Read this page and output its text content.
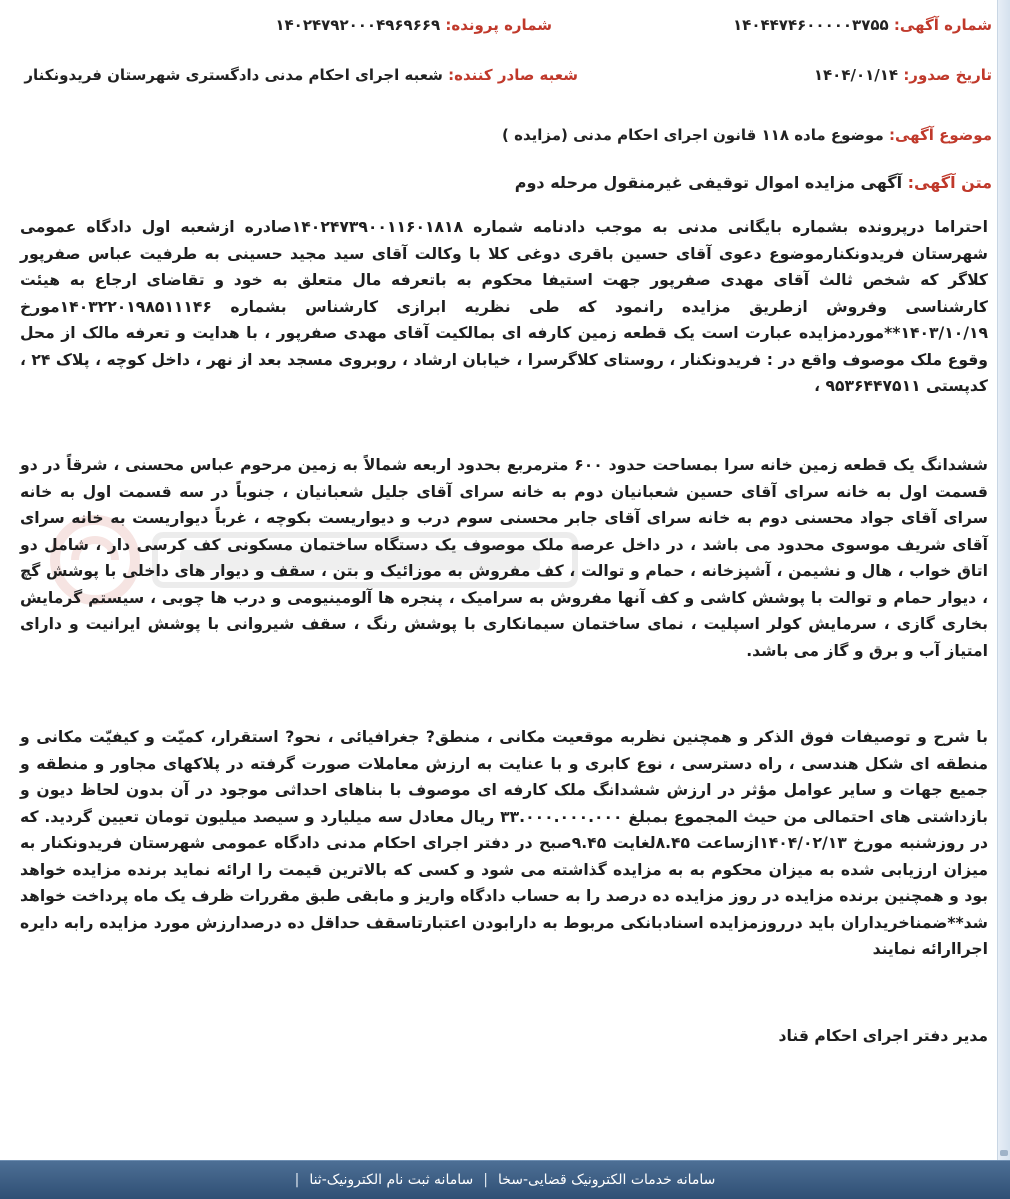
شماره آگهی: ۱۴۰۴۴۷۴۶۰۰۰۰۰۳۷۵۵
شماره پرونده: ۱۴۰۲۴۷۹۲۰۰۰۴۹۶۹۶۶۹
تاریخ صدور: ۱۴۰۴/۰۱/۱۴
شعبه صادر کننده: شعبه اجرای احکام مدنی دادگستری شهرستان فریدونکنار
موضوع آگهی: موضوع ماده ۱۱۸ قانون اجرای احکام مدنی (مزایده )
متن آگهی: آگهی مزایده اموال توقیفی غیرمنقول مرحله دوم
احتراما درپرونده بشماره بایگانی مدنی به موجب دادنامه شماره ۱۴۰۲۴۷۳۹۰۰۱۱۶۰۱۸۱۸صادره ازشعبه اول دادگاه عمومی شهرستان فریدونکنارموضوع دعوی آقای حسین باقری دوغی کلا با وکالت آقای سید مجید حسینی به طرفیت عباس صفرپور کلاگر که شخص ثالث آقای مهدی صفرپور جهت استیفا محکوم به باتعرفه مال متعلق به خود و تقاضای ارجاع به هیئت کارشناسی وفروش ازطریق مزایده رانمود که طی نظریه ابرازی کارشناس بشماره ۱۴۰۳۲۲۰۱۹۸۵۱۱۱۴۶مورخ ۱۴۰۳/۱۰/۱۹**موردمزایده عبارت است یک قطعه زمین کارفه ای بمالکیت آقای مهدی صفرپور ، با هدایت و تعرفه مالک از محل وقوع ملک موصوف واقع در : فریدونکنار ، روستای کلاگرسرا ، خیابان ارشاد ، روبروی مسجد بعد از نهر ، داخل کوچه ، پلاک ۲۴ ، کدپستی ۹۵۳۶۴۴۷۵۱۱ ،
ششدانگ یک قطعه زمین خانه سرا بمساحت حدود ۶۰۰ مترمربع بحدود اربعه شمالاً به زمین مرحوم عباس محسنی ، شرقاً در دو قسمت اول به خانه سرای آقای حسین شعبانیان دوم به خانه سرای آقای جلیل شعبانیان ، جنوباً در سه قسمت اول به خانه سرای آقای جواد محسنی دوم به خانه سرای آقای جابر محسنی سوم درب و دیواریست بکوچه ، غرباً دیواریست به خانه سرای آقای شریف موسوی محدود می باشد ، در داخل عرصه ملک موصوف یک دستگاه ساختمان مسکونی کف کرسی دار ، شامل دو اتاق خواب ، هال و نشیمن ، آشپزخانه ، حمام و توالت ، کف مفروش به موزائیک و بتن ، سقف و دیوار های داخلی با پوشش گچ ، دیوار حمام و توالت با پوشش کاشی و کف آنها مفروش به سرامیک ، پنجره ها آلومینیومی و درب ها چوبی ، سیستم گرمایش بخاری گازی ، سرمایش کولر اسپلیت ، نمای ساختمان سیمانکاری با پوشش رنگ ، سقف شیروانی با پوشش ایرانیت و دارای امتیاز آب و برق و گاز می باشد.
با شرح و توصیفات فوق الذکر و همچنین نظربه موقعیت مکانی ، منطق? جغرافیائی ، نحو? استقرار، کمیّت و کیفیّت مکانی و منطقه ای شکل هندسی ، راه دسترسی ، نوع کابری و با عنایت به ارزش معاملات صورت گرفته در پلاکهای مجاور و منطقه و جمیع جهات و سایر عوامل مؤثر در ارزش ششدانگ ملک کارفه ای موصوف با بناهای احداثی موجود در آن بدون لحاظ دیون و بازداشتی های احتمالی من حیث المجموع بمبلغ ۳۳.۰۰۰.۰۰۰.۰۰۰ ریال معادل سه میلیارد و سیصد میلیون تومان تعیین گردید. که در روزشنبه مورخ ۱۴۰۴/۰۲/۱۳ازساعت ۸.۴۵لغایت ۹.۴۵صبح در دفتر اجرای احکام مدنی دادگاه عمومی شهرستان فریدونکنار به میزان ارزیابی شده به میزان محکوم به به مزایده گذاشته می شود و کسی که بالاترین قیمت را ارائه نماید برنده مزایده خواهد بود و همچنین برنده مزایده در روز مزایده ده درصد را به حساب دادگاه واریز و مابقی طبق مقررات ظرف یک ماه پرداخت خواهد شد**ضمناخریداران باید درروزمزایده اسنادبانکی مربوط به دارابودن اعتبارتاسقف حداقل ده درصدارزش مورد مزایده رابه دایره اجراارائه نمایند
مدیر دفتر اجرای احکام قناد
سامانه خدمات الکترونیک قضایی-سخا
|
سامانه ثبت نام الکترونیک-ثنا
|
